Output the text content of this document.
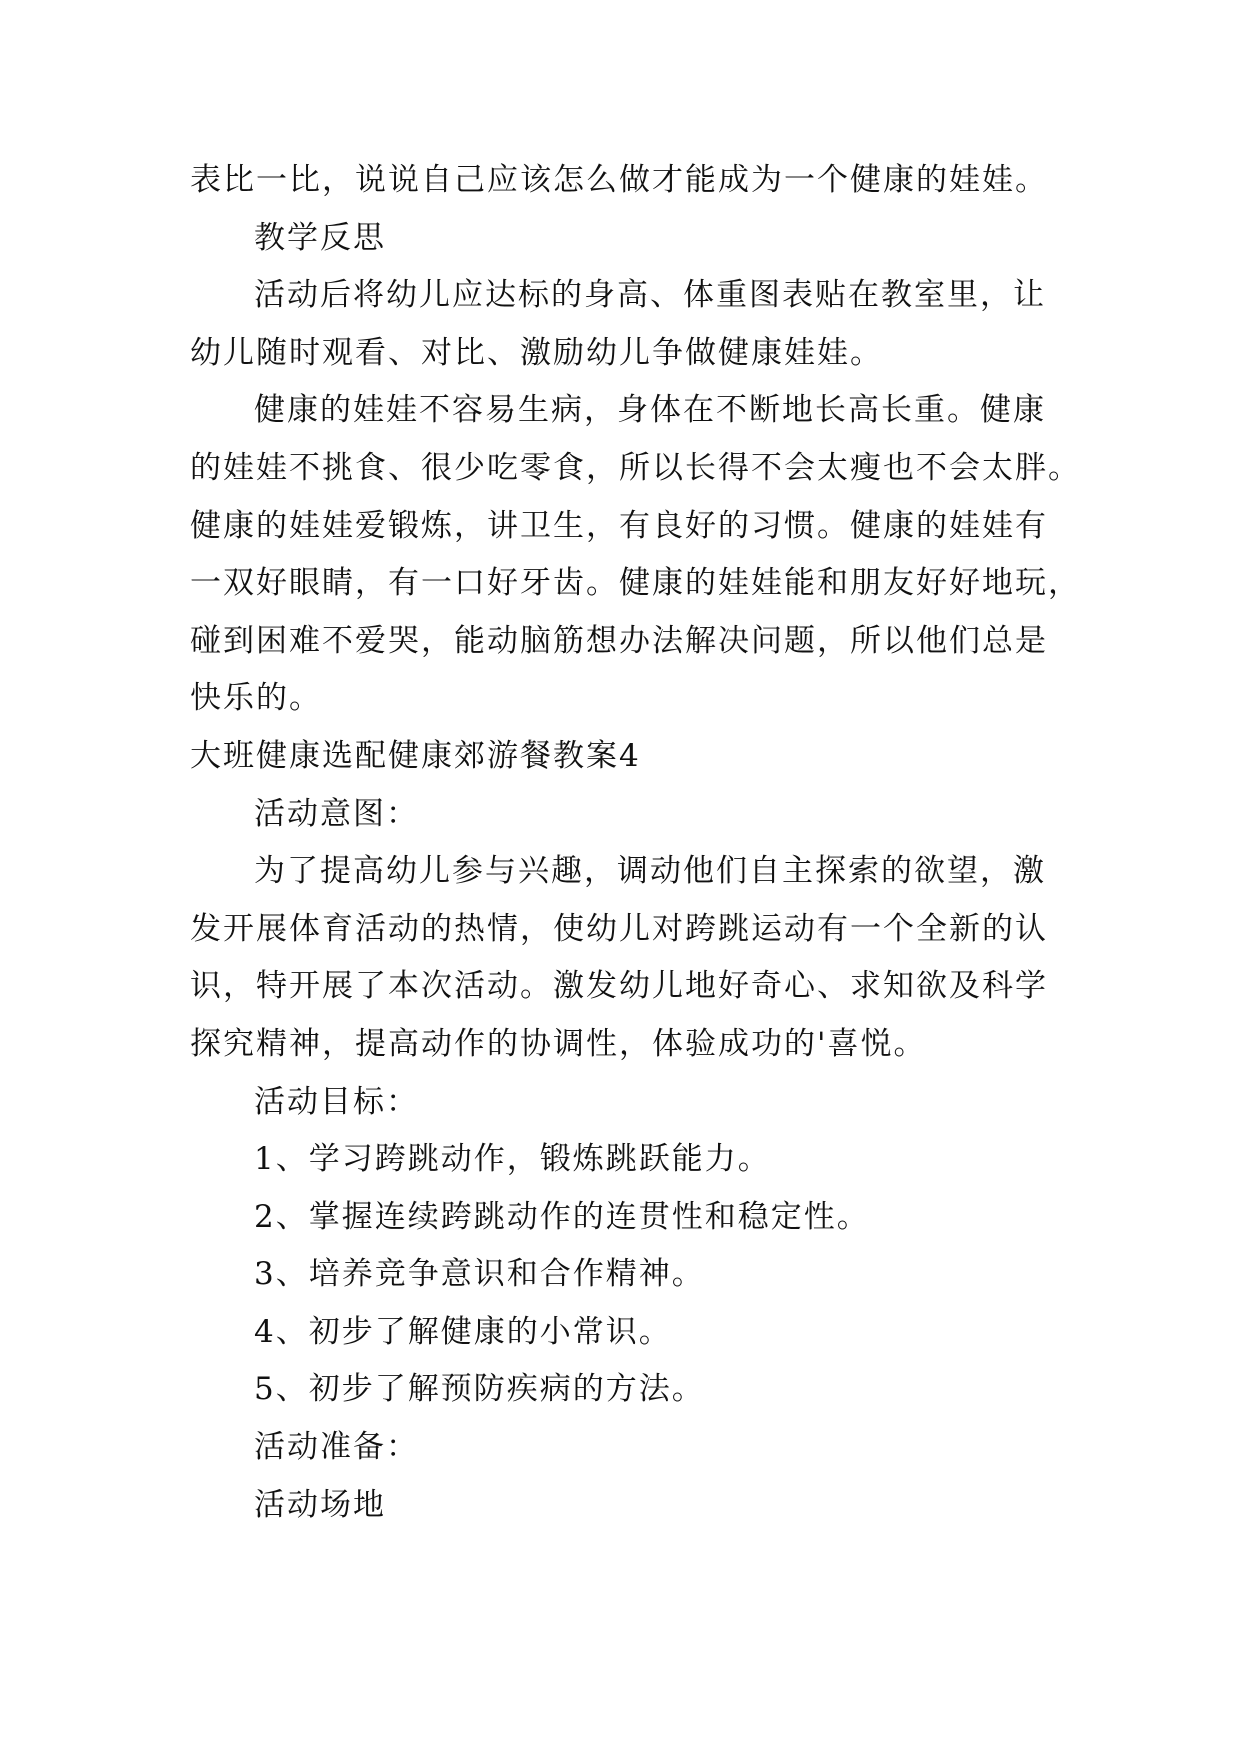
表比一比，说说自己应该怎么做才能成为一个健康的娃娃。
教学反思
活动后将幼儿应达标的身高、体重图表贴在教室里，让
幼儿随时观看、对比、激励幼儿争做健康娃娃。
健康的娃娃不容易生病，身体在不断地长高长重。健康
的娃娃不挑食、很少吃零食，所以长得不会太瘦也不会太胖。
健康的娃娃爱锻炼，讲卫生，有良好的习惯。健康的娃娃有
一双好眼睛，有一口好牙齿。健康的娃娃能和朋友好好地玩，
碰到困难不爱哭，能动脑筋想办法解决问题，所以他们总是
快乐的。
大班健康选配健康郊游餐教案4
活动意图：
为了提高幼儿参与兴趣，调动他们自主探索的欲望，激
发开展体育活动的热情，使幼儿对跨跳运动有一个全新的认
识，特开展了本次活动。激发幼儿地好奇心、求知欲及科学
探究精神，提高动作的协调性，体验成功的'喜悦。
活动目标：
1、学习跨跳动作，锻炼跳跃能力。
2、掌握连续跨跳动作的连贯性和稳定性。
3、培养竞争意识和合作精神。
4、初步了解健康的小常识。
5、初步了解预防疾病的方法。
活动准备：
活动场地
